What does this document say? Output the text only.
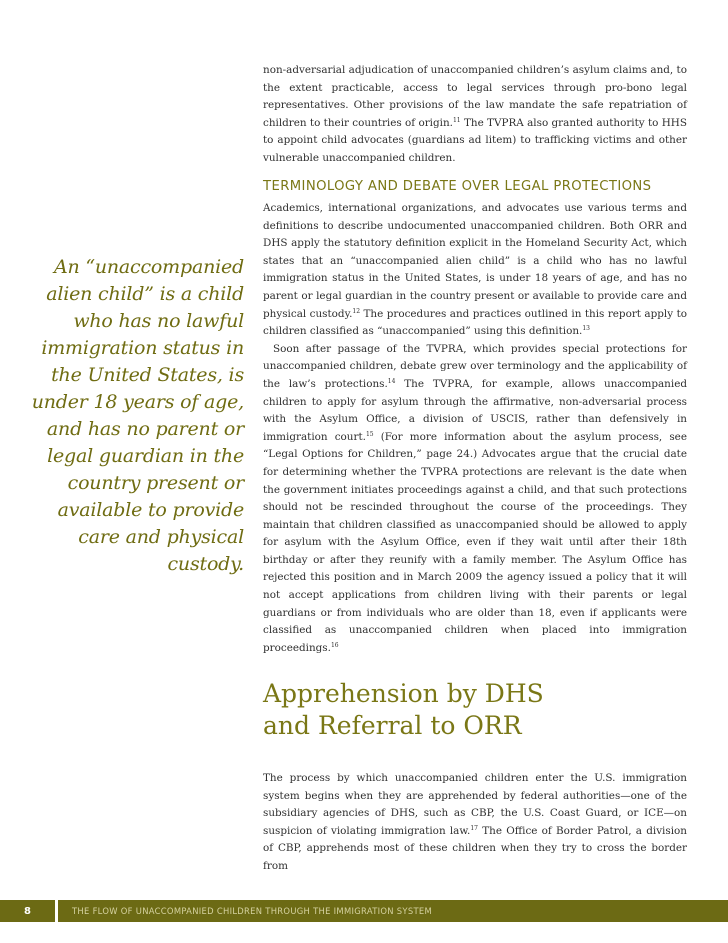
An “unaccompanied alien child” is a child who has no lawful immigration status in the United States, is under 18 years of age, and has no parent or legal guardian in the country present or available to provide care and physical custody.

non-adversarial adjudication of unaccompanied children’s asylum claims and, to the extent practicable, access to legal services through pro-bono legal representatives. Other provisions of the law mandate the safe repatriation of children to their countries of origin.$^{11}$ The TVPRA also granted authority to HHS to appoint child advocates (guardians ad litem) to trafficking victims and other vulnerable unaccompanied children.

TERMINOLOGY AND DEBATE OVER LEGAL PROTECTIONS

Academics, international organizations, and advocates use various terms and definitions to describe undocumented unaccompanied children. Both ORR and DHS apply the statutory definition explicit in the Homeland Security Act, which states that an “unaccompanied alien child” is a child who has no lawful immigration status in the United States, is under 18 years of age, and has no parent or legal guardian in the country present or available to provide care and physical custody.$^{12}$ The procedures and practices outlined in this report apply to children classified as “unaccompanied” using this definition.$^{13}$

Soon after passage of the TVPRA, which provides special protections for unaccompanied children, debate grew over terminology and the applicability of the law’s protections.$^{14}$ The TVPRA, for example, allows unaccompanied children to apply for asylum through the affirmative, non-adversarial process with the Asylum Office, a division of USCIS, rather than defensively in immigration court.$^{15}$ (For more information about the asylum process, see “Legal Options for Children,” page 24.) Advocates argue that the crucial date for determining whether the TVPRA protections are relevant is the date when the government initiates proceedings against a child, and that such protections should not be rescinded throughout the course of the proceedings. They maintain that children classified as unaccompanied should be allowed to apply for asylum with the Asylum Office, even if they wait until after their 18th birthday or after they reunify with a family member. The Asylum Office has rejected this position and in March 2009 the agency issued a policy that it will not accept applications from children living with their parents or legal guardians or from individuals who are older than 18, even if applicants were classified as unaccompanied children when placed into immigration proceedings.$^{16}$

Apprehension by DHS
and Referral to ORR

The process by which unaccompanied children enter the U.S. immigration system begins when they are apprehended by federal authorities—one of the subsidiary agencies of DHS, such as CBP, the U.S. Coast Guard, or ICE—on suspicion of violating immigration law.$^{17}$ The Office of Border Patrol, a division of CBP, apprehends most of these children when they try to cross the border from

8	THE FLOW OF UNACCOMPANIED CHILDREN THROUGH THE IMMIGRATION SYSTEM
